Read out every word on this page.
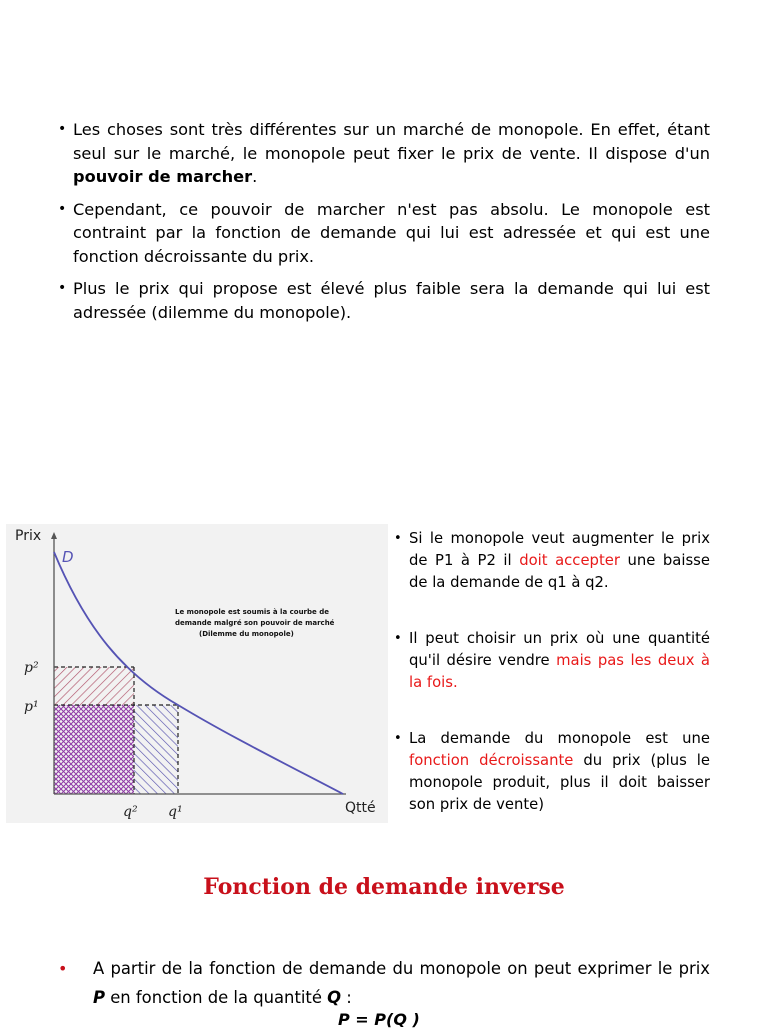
• Les choses sont très différentes sur un marché de monopole. En effet, étant seul sur le marché, le monopole peut fixer le prix de vente. Il dispose d'un pouvoir de marcher.
• Cependant, ce pouvoir de marcher n'est pas absolu. Le monopole est contraint par la fonction de demande qui lui est adressée et qui est une fonction décroissante du prix.
• Plus le prix qui propose est élevé plus faible sera la demande qui lui est adressée (dilemme du monopole).
Prix
D
Qtté
p²
p¹
q² q¹
Le monopole est soumis à la courbe de demande malgré son pouvoir de marché (Dilemme du monopole)
• Si le monopole veut augmenter le prix de P1 à P2 il doit accepter une baisse de la demande de q1 à q2.
• Il peut choisir un prix où une quantité qu'il désire vendre mais pas les deux à la fois.
• La demande du monopole est une fonction décroissante du prix (plus le monopole produit, plus il doit baisser son prix de vente)
Fonction de demande inverse
• A partir de la fonction de demande du monopole on peut exprimer le prix P en fonction de la quantité Q :
P = P(Q )
